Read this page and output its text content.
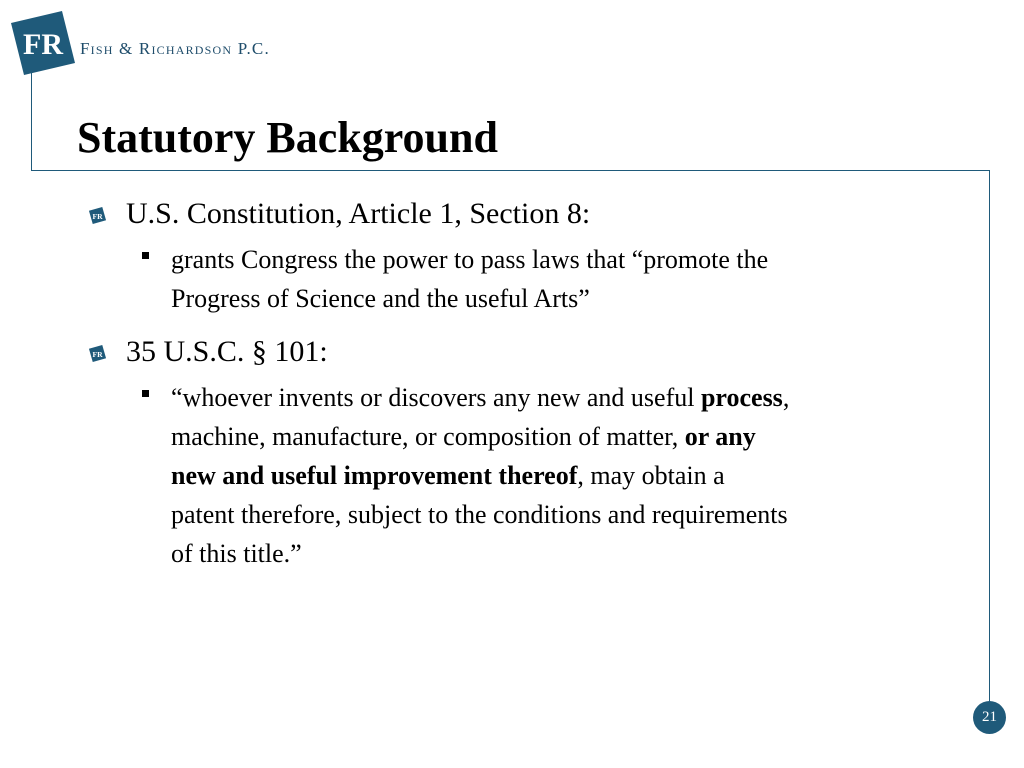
FR Fish & Richardson P.C.
Statutory Background
FR U.S. Constitution, Article 1, Section 8:
grants Congress the power to pass laws that “promote the
Progress of Science and the useful Arts”
FR 35 U.S.C. § 101:
“whoever invents or discovers any new and useful process,
machine, manufacture, or composition of matter, or any
new and useful improvement thereof, may obtain a
patent therefore, subject to the conditions and requirements
of this title.”
21
